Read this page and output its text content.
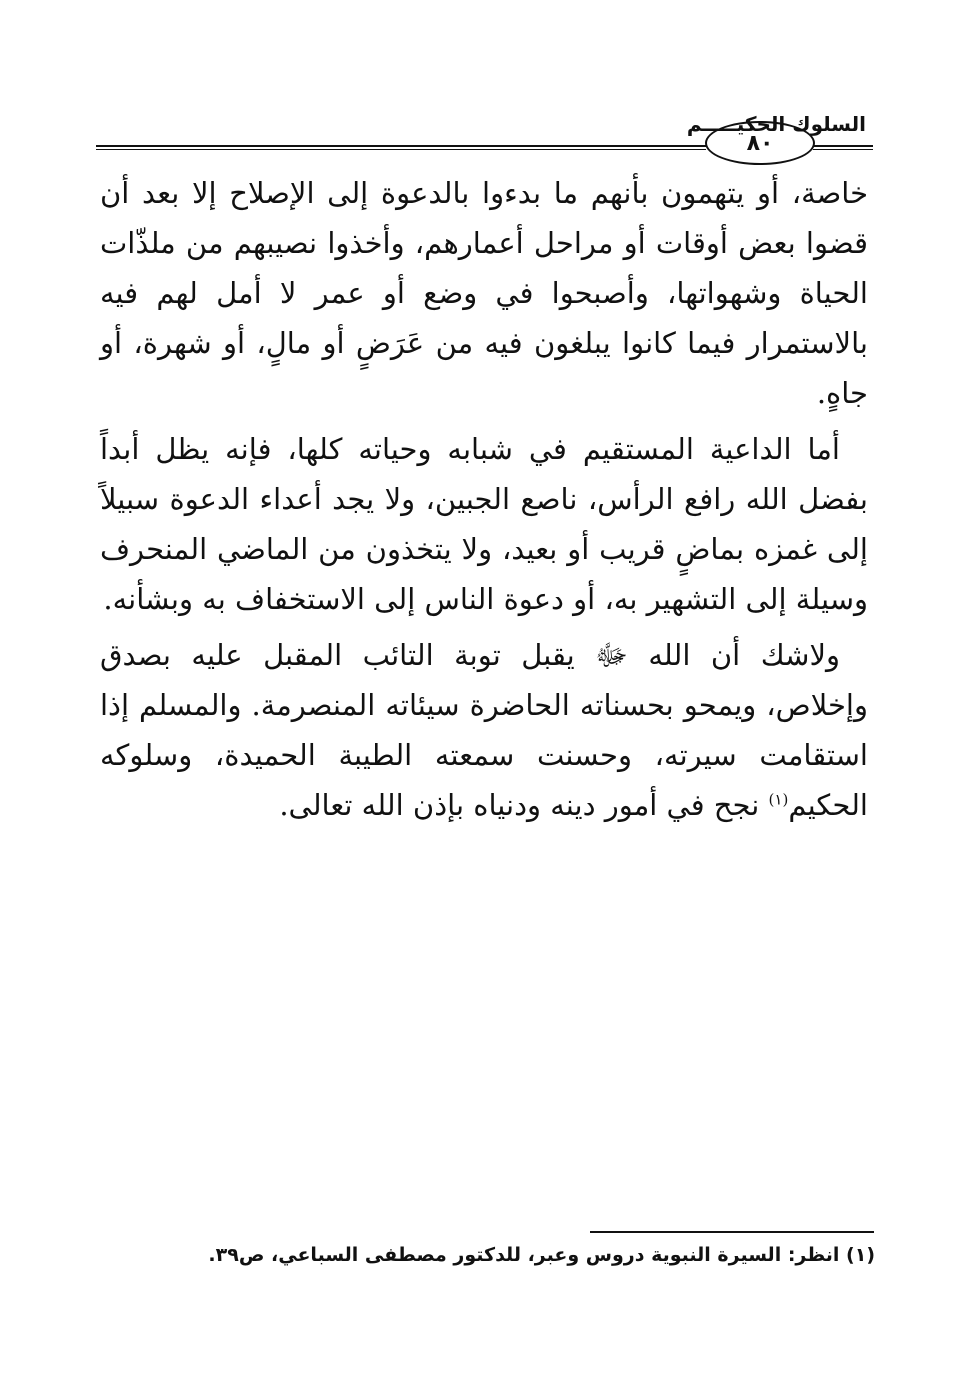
السلوك الحكيـــــم
٨٠

خاصة، أو يتهمون بأنهم ما بدءوا بالدعوة إلى الإصلاح إلا بعد أن قضوا بعض أوقات أو مراحل أعمارهم، وأخذوا نصيبهم من ملذّات الحياة وشهواتها، وأصبحوا في وضع أو عمر لا أمل لهم فيه بالاستمرار فيما كانوا يبلغون فيه من عَرَضٍ أو مالٍ، أو شهرة، أو جاهٍ.

أما الداعية المستقيم في شبابه وحياته كلها، فإنه يظل أبداً بفضل الله رافع الرأس، ناصع الجبين، ولا يجد أعداء الدعوة سبيلاً إلى غمزه بماضٍ قريب أو بعيد، ولا يتخذون من الماضي المنحرف وسيلة إلى التشهير به، أو دعوة الناس إلى الاستخفاف به وبشأنه.

ولاشك أن الله ﷻ يقبل توبة التائب المقبل عليه بصدق وإخلاص، ويمحو بحسناته الحاضرة سيئاته المنصرمة. والمسلم إذا استقامت سيرته، وحسنت سمعته الطيبة الحميدة، وسلوكه الحكيم$^{(١)}$ نجح في أمور دينه ودنياه بإذن الله تعالى.

(١) انظر: السيرة النبوية دروس وعبر، للدكتور مصطفى السباعي، ص٣٩.
